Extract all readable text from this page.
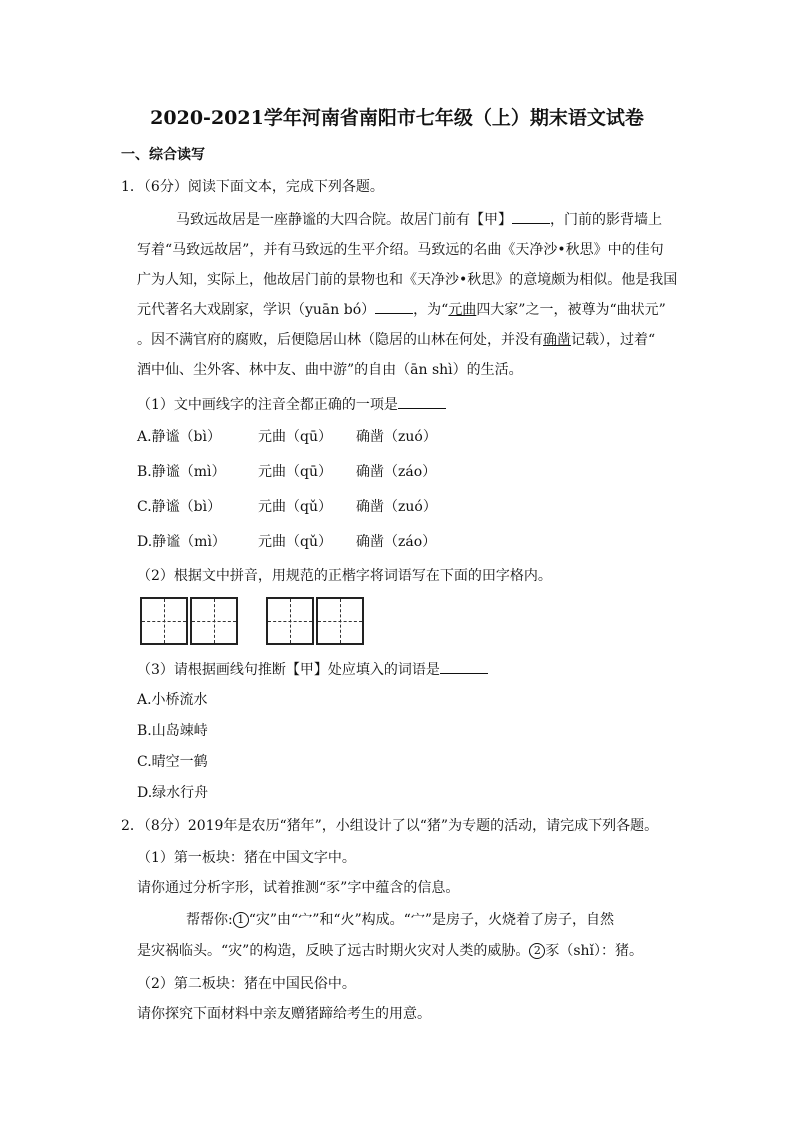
2020-2021学年河南省南阳市七年级（上）期末语文试卷
一、综合读写
1．（6分）阅读下面文本，完成下列各题。
马致远故居是一座静谧的大四合院。故居门前有【甲】	，门前的影背墙上
写着“马致远故居”，并有马致远的生平介绍。马致远的名曲《天净沙•秋思》中的佳句
广为人知，实际上，他故居门前的景物也和《天净沙•秋思》的意境颇为相似。他是我国
元代著名大戏剧家，学识（yuān bó）	，为“元曲四大家”之一，被尊为“曲状元”
。因不满官府的腐败，后便隐居山林（隐居的山林在何处，并没有确凿记载），过着“
酒中仙、尘外客、林中友、曲中游”的自由（ān shì）的生活。
（1）文中画线字的注音全都正确的一项是
A.静谧（bì）	元曲（qū） 确凿（zuó）
B.静谧（mì） 元曲（qū） 确凿（záo）
C.静谧（bì）	元曲（qǔ） 确凿（zuó）
D.静谧（mì） 元曲（qǔ） 确凿（záo）
（2）根据文中拼音，用规范的正楷字将词语写在下面的田字格内。
（3）请根据画线句推断【甲】处应填入的词语是
A.小桥流水
B.山岛竦峙
C.晴空一鹤
D.绿水行舟
2．（8分）2019年是农历“猪年”，小组设计了以“猪”为专题的活动，请完成下列各题。
（1）第一板块：猪在中国文字中。
请你通过分析字形，试着推测“豕”字中蕴含的信息。
帮帮你: 1 “灾”由“宀”和“火”构成。“宀”是房子，火烧着了房子，自然
是灾祸临头。“灾”的构造，反映了远古时期火灾对人类的威胁。 2 豕（shǐ）：猪。
（2）第二板块：猪在中国民俗中。
请你探究下面材料中亲友赠猪蹄给考生的用意。
